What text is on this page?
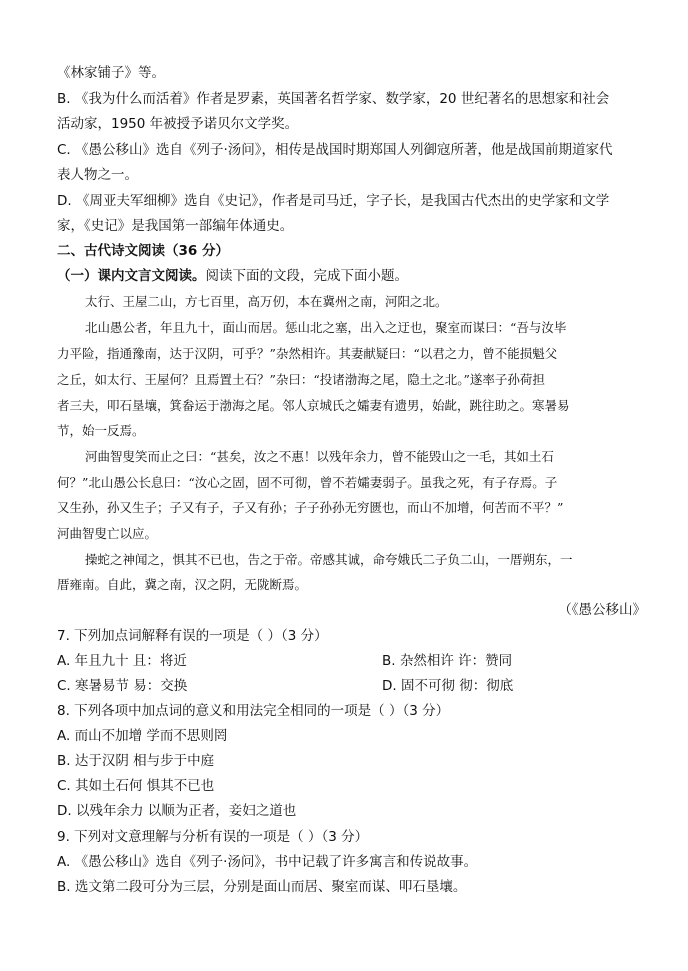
《林家铺子》等。
B. 《我为什么而活着》作者是罗素，英国著名哲学家、数学家，20 世纪著名的思想家和社会
活动家，1950 年被授予诺贝尔文学奖。
C. 《愚公移山》选自《列子·汤问》，相传是战国时期郑国人列御寇所著，他是战国前期道家代
表人物之一。
D. 《周亚夫军细柳》选自《史记》，作者是司马迁，字子长，是我国古代杰出的史学家和文学
家，《史记》是我国第一部编年体通史。
二、古代诗文阅读（36 分）
（一）课内文言文阅读。阅读下面的文段，完成下面小题。
太行、王屋二山，方七百里，高万仞，本在冀州之南，河阳之北。
北山愚公者，年且九十，面山而居。惩山北之塞，出入之迂也，聚室而谋曰：“吾与汝毕
力平险，指通豫南，达于汉阴，可乎？”杂然相许。其妻献疑曰：“以君之力，曾不能损魁父
之丘，如太行、王屋何？且焉置土石？”杂曰：“投诸渤海之尾，隐土之北。”遂率子孙荷担
者三夫，叩石垦壤，箕畚运于渤海之尾。邻人京城氏之孀妻有遗男，始龀，跳往助之。寒暑易
节，始一反焉。
河曲智叟笑而止之曰：“甚矣，汝之不惠！以残年余力，曾不能毁山之一毛，其如土石
何？”北山愚公长息曰：“汝心之固，固不可彻，曾不若孀妻弱子。虽我之死，有子存焉。子
又生孙，孙又生子；子又有子，子又有孙；子子孙孙无穷匮也，而山不加增，何苦而不平？”
河曲智叟亡以应。
操蛇之神闻之，惧其不已也，告之于帝。帝感其诚，命夸娥氏二子负二山，一厝朔东，一
厝雍南。自此，冀之南，汉之阴，无陇断焉。
（《愚公移山》
7. 下列加点词解释有误的一项是（ ）（3 分）
A. 年且九十 且：将近	B. 杂然相许 许：赞同
C. 寒暑易节 易：交换	D. 固不可彻 彻：彻底
8. 下列各项中加点词的意义和用法完全相同的一项是（ ）（3 分）
A. 而山不加增 学而不思则罔
B. 达于汉阴 相与步于中庭
C. 其如土石何 惧其不已也
D. 以残年余力 以顺为正者，妾妇之道也
9. 下列对文意理解与分析有误的一项是（ ）（3 分）
A. 《愚公移山》选自《列子·汤问》，书中记载了许多寓言和传说故事。
B. 选文第二段可分为三层，分别是面山而居、聚室而谋、叩石垦壤。
